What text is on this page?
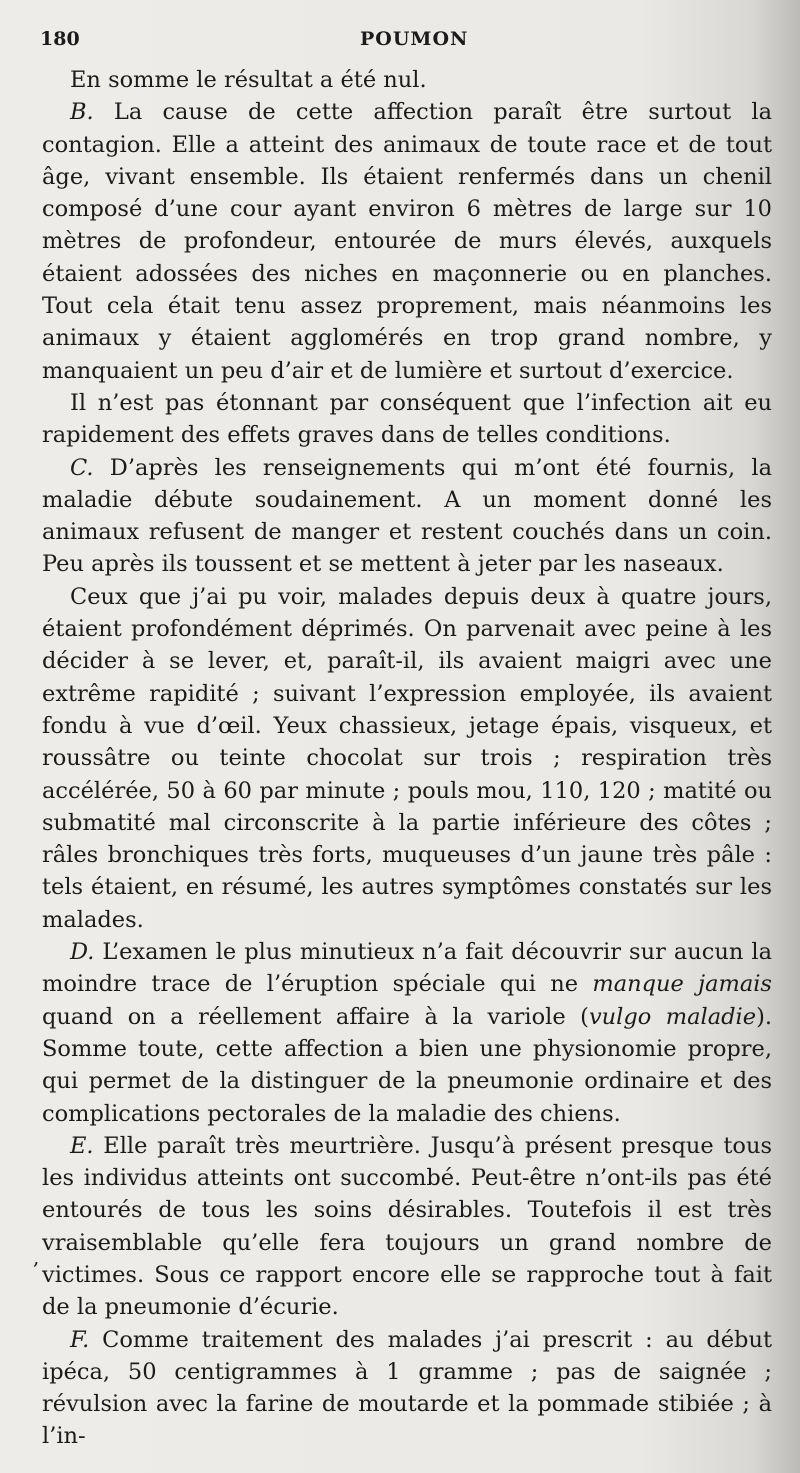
180	POUMON

En somme le résultat a été nul.

B. La cause de cette affection paraît être surtout la contagion. Elle a atteint des animaux de toute race et de tout âge, vivant ensemble. Ils étaient renfermés dans un chenil composé d’une cour ayant environ 6 mètres de large sur 10 mètres de profondeur, entourée de murs élevés, auxquels étaient adossées des niches en maçonnerie ou en planches. Tout cela était tenu assez proprement, mais néanmoins les animaux y étaient agglomérés en trop grand nombre, y manquaient un peu d’air et de lumière et surtout d’exercice.

Il n’est pas étonnant par conséquent que l’infection ait eu rapidement des effets graves dans de telles conditions.

C. D’après les renseignements qui m’ont été fournis, la maladie débute soudainement. A un moment donné les animaux refusent de manger et restent couchés dans un coin. Peu après ils toussent et se mettent à jeter par les naseaux.

Ceux que j’ai pu voir, malades depuis deux à quatre jours, étaient profondément déprimés. On parvenait avec peine à les décider à se lever, et, paraît-il, ils avaient maigri avec une extrême rapidité ; suivant l’expression employée, ils avaient fondu à vue d’œil. Yeux chassieux, jetage épais, visqueux, et roussâtre ou teinte chocolat sur trois ; respiration très accélérée, 50 à 60 par minute ; pouls mou, 110, 120 ; matité ou submatité mal circonscrite à la partie inférieure des côtes ; râles bronchiques très forts, muqueuses d’un jaune très pâle : tels étaient, en résumé, les autres symptômes constatés sur les malades.

D. L’examen le plus minutieux n’a fait découvrir sur aucun la moindre trace de l’éruption spéciale qui ne manque jamais quand on a réellement affaire à la variole (vulgo maladie). Somme toute, cette affection a bien une physionomie propre, qui permet de la distinguer de la pneumonie ordinaire et des complications pectorales de la maladie des chiens.

E. Elle paraît très meurtrière. Jusqu’à présent presque tous les individus atteints ont succombé. Peut-être n’ont-ils pas été entourés de tous les soins désirables. Toutefois il est très vraisemblable qu’elle fera toujours un grand nombre de victimes. Sous ce rapport encore elle se rapproche tout à fait de la pneumonie d’écurie.

F. Comme traitement des malades j’ai prescrit : au début ipéca, 50 centigrammes à 1 gramme ; pas de saignée ; révulsion avec la farine de moutarde et la pommade stibiée ; à l’in-

,
